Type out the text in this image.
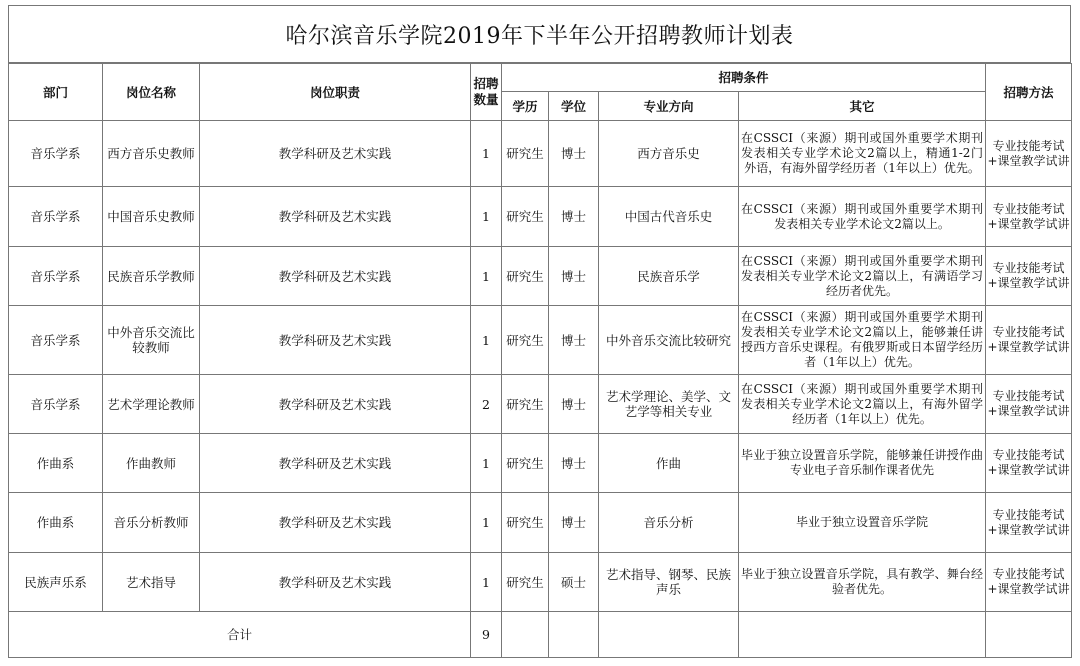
哈尔滨音乐学院2019年下半年公开招聘教师计划表
部门	岗位名称	岗位职责	招聘数量	招聘条件				招聘方法
				学历	学位	专业方向	其它	
音乐学系	西方音乐史教师	教学科研及艺术实践	1	研究生	博士	西方音乐史	在CSSCI（来源）期刊或国外重要学术期刊发表相关专业学术论文2篇以上，精通1-2门外语，有海外留学经历者（1年以上）优先。	专业技能考试+课堂教学试讲
音乐学系	中国音乐史教师	教学科研及艺术实践	1	研究生	博士	中国古代音乐史	在CSSCI（来源）期刊或国外重要学术期刊发表相关专业学术论文2篇以上。	专业技能考试+课堂教学试讲
音乐学系	民族音乐学教师	教学科研及艺术实践	1	研究生	博士	民族音乐学	在CSSCI（来源）期刊或国外重要学术期刊发表相关专业学术论文2篇以上，有满语学习经历者优先。	专业技能考试+课堂教学试讲
音乐学系	中外音乐交流比较教师	教学科研及艺术实践	1	研究生	博士	中外音乐交流比较研究	在CSSCI（来源）期刊或国外重要学术期刊发表相关专业学术论文2篇以上，能够兼任讲授西方音乐史课程。有俄罗斯或日本留学经历者（1年以上）优先。	专业技能考试+课堂教学试讲
音乐学系	艺术学理论教师	教学科研及艺术实践	2	研究生	博士	艺术学理论、美学、文艺学等相关专业	在CSSCI（来源）期刊或国外重要学术期刊发表相关专业学术论文2篇以上，有海外留学经历者（1年以上）优先。	专业技能考试+课堂教学试讲
作曲系	作曲教师	教学科研及艺术实践	1	研究生	博士	作曲	毕业于独立设置音乐学院，能够兼任讲授作曲专业电子音乐制作课者优先	专业技能考试+课堂教学试讲
作曲系	音乐分析教师	教学科研及艺术实践	1	研究生	博士	音乐分析	毕业于独立设置音乐学院	专业技能考试+课堂教学试讲
民族声乐系	艺术指导	教学科研及艺术实践	1	研究生	硕士	艺术指导、钢琴、民族声乐	毕业于独立设置音乐学院，具有教学、舞台经验者优先。	专业技能考试+课堂教学试讲
合计			9					
